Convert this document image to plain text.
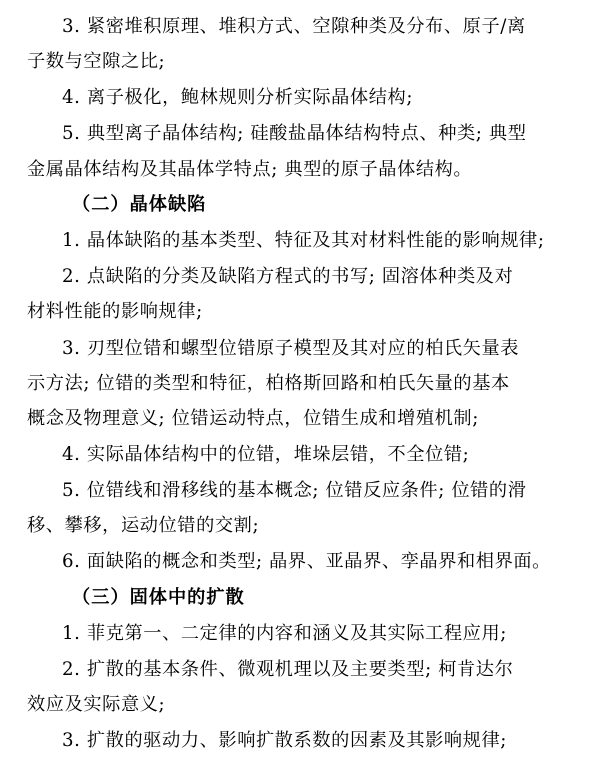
3. 紧密堆积原理、堆积方式、空隙种类及分布、原子/离
子数与空隙之比;
4. 离子极化，鲍林规则分析实际晶体结构;
5. 典型离子晶体结构; 硅酸盐晶体结构特点、种类; 典型
金属晶体结构及其晶体学特点; 典型的原子晶体结构。
（二）晶体缺陷
1. 晶体缺陷的基本类型、特征及其对材料性能的影响规律;
2. 点缺陷的分类及缺陷方程式的书写; 固溶体种类及对
材料性能的影响规律;
3. 刃型位错和螺型位错原子模型及其对应的柏氏矢量表
示方法; 位错的类型和特征，柏格斯回路和柏氏矢量的基本
概念及物理意义; 位错运动特点，位错生成和增殖机制;
4. 实际晶体结构中的位错，堆垛层错，不全位错;
5. 位错线和滑移线的基本概念; 位错反应条件; 位错的滑
移、攀移，运动位错的交割;
6. 面缺陷的概念和类型; 晶界、亚晶界、孪晶界和相界面。
（三）固体中的扩散
1. 菲克第一、二定律的内容和涵义及其实际工程应用;
2. 扩散的基本条件、微观机理以及主要类型; 柯肯达尔
效应及实际意义;
3. 扩散的驱动力、影响扩散系数的因素及其影响规律;
